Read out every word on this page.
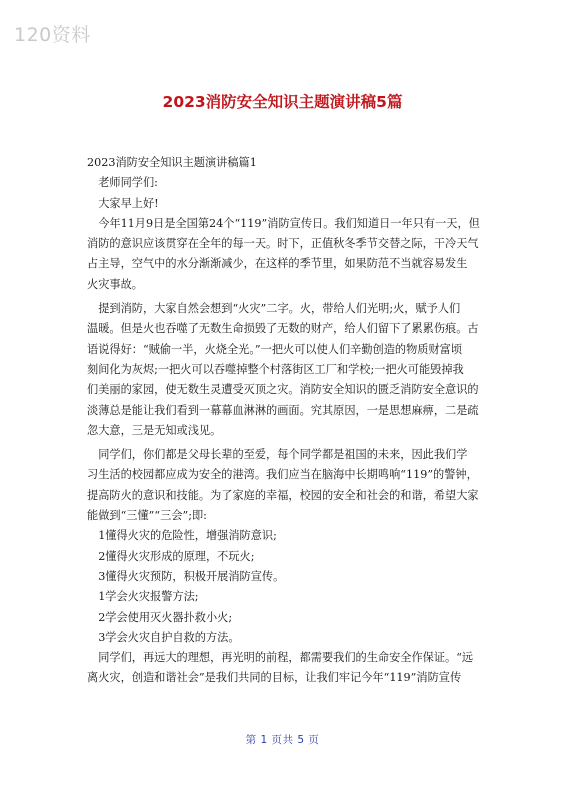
120资料
2023消防安全知识主题演讲稿5篇
2023消防安全知识主题演讲稿篇1
　老师同学们:
　大家早上好!
　今年11月9日是全国第24个“119”消防宣传日。我们知道日一年只有一天，但
消防的意识应该贯穿在全年的每一天。时下，正值秋冬季节交替之际，干冷天气
占主导，空气中的水分渐渐减少，在这样的季节里，如果防范不当就容易发生
火灾事故。
　提到消防，大家自然会想到“火灾”二字。火，带给人们光明;火，赋予人们
温暖。但是火也吞噬了无数生命损毁了无数的财产，给人们留下了累累伤痕。古
语说得好：“贼偷一半，火烧全光。”一把火可以使人们辛勤创造的物质财富顷
刻间化为灰烬;一把火可以吞噬掉整个村落街区工厂和学校;一把火可能毁掉我
们美丽的家园，使无数生灵遭受灭顶之灾。消防安全知识的匮乏消防安全意识的
淡薄总是能让我们看到一幕幕血淋淋的画面。究其原因，一是思想麻痹，二是疏
忽大意，三是无知或浅见。
　同学们，你们都是父母长辈的至爱，每个同学都是祖国的未来，因此我们学
习生活的校园都应成为安全的港湾。我们应当在脑海中长期鸣响“119”的警钟，
提高防火的意识和技能。为了家庭的幸福，校园的安全和社会的和谐，希望大家
能做到“三懂”“三会”;即:
　1懂得火灾的危险性，增强消防意识;
　2懂得火灾形成的原理，不玩火;
　3懂得火灾预防，积极开展消防宣传。
　1学会火灾报警方法;
　2学会使用灭火器扑救小火;
　3学会火灾自护自救的方法。
　同学们，再远大的理想，再光明的前程，都需要我们的生命安全作保证。“远
离火灾，创造和谐社会”是我们共同的目标，让我们牢记今年“119”消防宣传
第 1 页共 5 页
